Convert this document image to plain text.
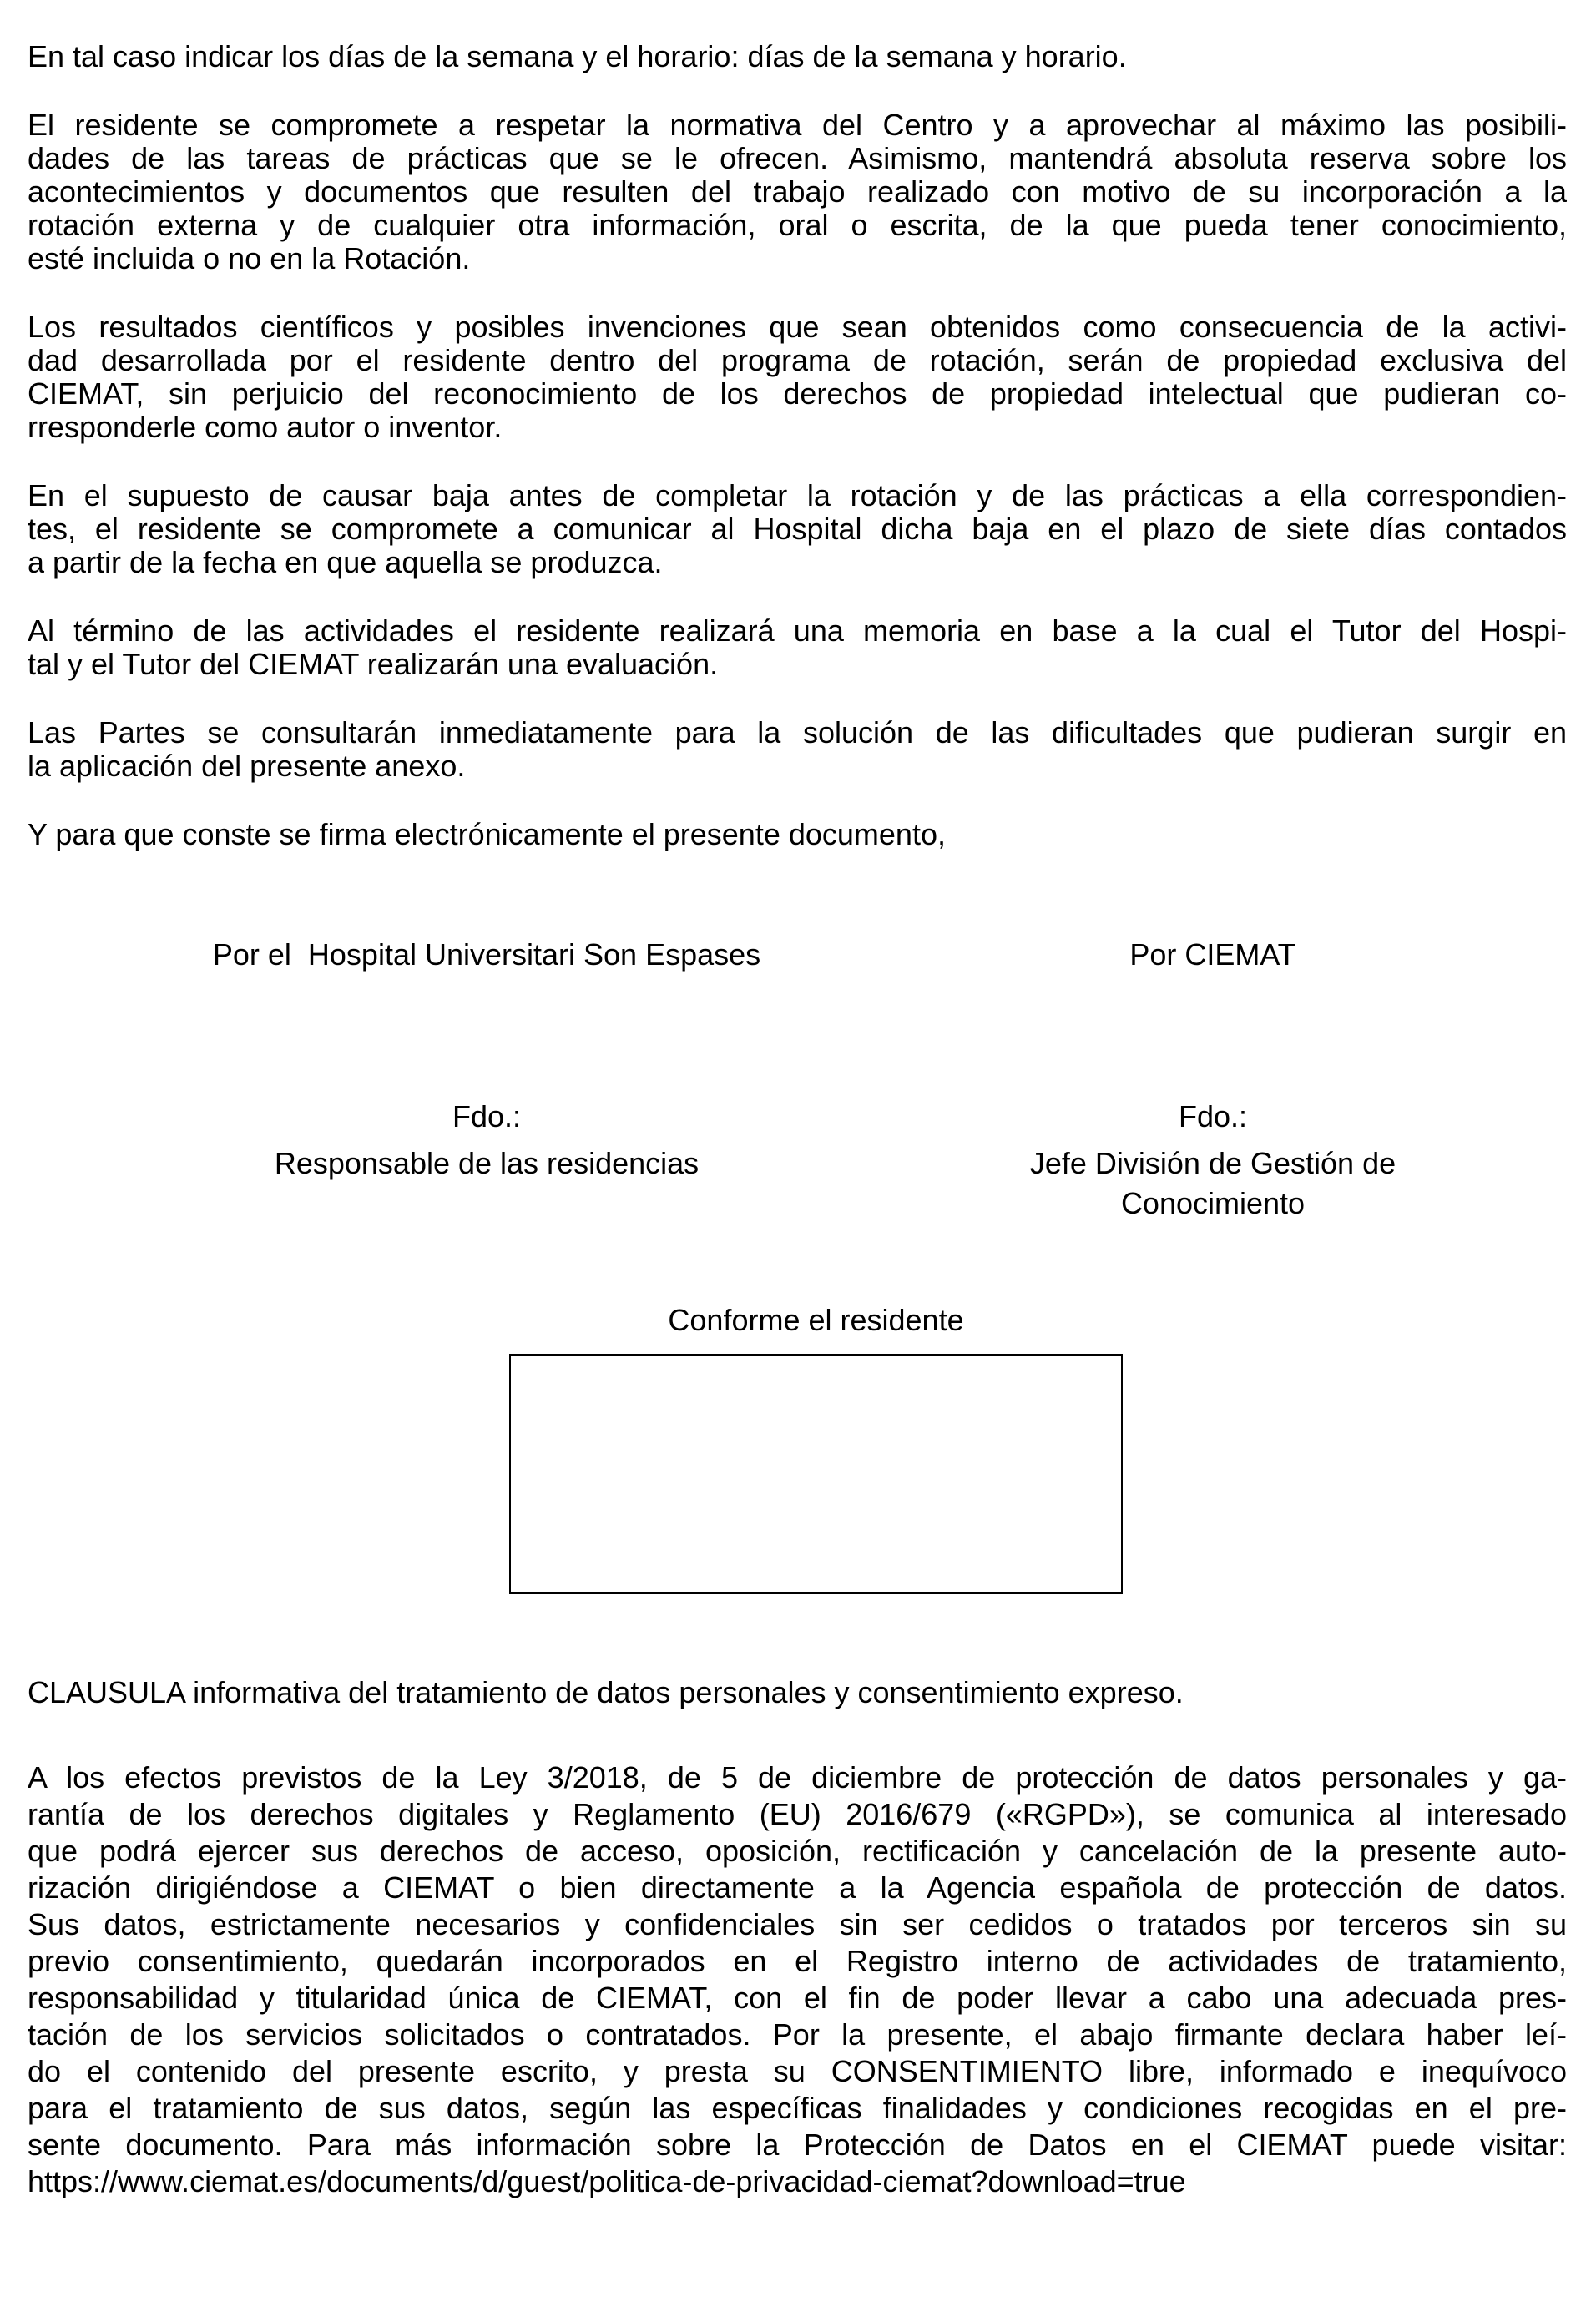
En tal caso indicar los días de la semana y el horario: días de la semana y horario.
El residente se compromete a respetar la normativa del Centro y a aprovechar al máximo las posibili-
dades de las tareas de prácticas que se le ofrecen. Asimismo, mantendrá absoluta reserva sobre los
acontecimientos y documentos que resulten del trabajo realizado con motivo de su incorporación a la
rotación externa y de cualquier otra información, oral o escrita, de la que pueda tener conocimiento,
esté incluida o no en la Rotación.
Los resultados científicos y posibles invenciones que sean obtenidos como consecuencia de la activi-
dad desarrollada por el residente dentro del programa de rotación, serán de propiedad exclusiva del
CIEMAT, sin perjuicio del reconocimiento de los derechos de propiedad intelectual que pudieran co-
rresponderle como autor o inventor.
En el supuesto de causar baja antes de completar la rotación y de las prácticas a ella correspondien-
tes, el residente se compromete a comunicar al Hospital dicha baja en el plazo de siete días contados
a partir de la fecha en que aquella se produzca.
Al término de las actividades el residente realizará una memoria en base a la cual el Tutor del Hospi-
tal y el Tutor del CIEMAT realizarán una evaluación.
Las Partes se consultarán inmediatamente para la solución de las dificultades que pudieran surgir en
la aplicación del presente anexo.
Y para que conste se firma electrónicamente el presente documento,
Por el  Hospital Universitari Son Espases
Fdo.:
Responsable de las residencias
Por CIEMAT
Fdo.:
Jefe División de Gestión de
Conocimiento
Conforme el residente
CLAUSULA informativa del tratamiento de datos personales y consentimiento expreso.
A los efectos previstos de la Ley 3/2018, de 5 de diciembre de protección de datos personales y ga-
rantía de los derechos digitales y Reglamento (EU) 2016/679 («RGPD»), se comunica al interesado
que podrá ejercer sus derechos de acceso, oposición, rectificación y cancelación de la presente auto-
rización dirigiéndose a CIEMAT o bien directamente a la Agencia española de protección de datos.
Sus datos, estrictamente necesarios y confidenciales sin ser cedidos o tratados por terceros sin su
previo consentimiento, quedarán incorporados en el Registro interno de actividades de tratamiento,
responsabilidad y titularidad única de CIEMAT, con el fin de poder llevar a cabo una adecuada pres-
tación de los servicios solicitados o contratados. Por la presente, el abajo firmante declara haber leí-
do el contenido del presente escrito, y presta su CONSENTIMIENTO libre, informado e inequívoco
para el tratamiento de sus datos, según las específicas finalidades y condiciones recogidas en el pre-
sente documento. Para más información sobre la Protección de Datos en el CIEMAT puede visitar:
https://www.ciemat.es/documents/d/guest/politica-de-privacidad-ciemat?download=true
